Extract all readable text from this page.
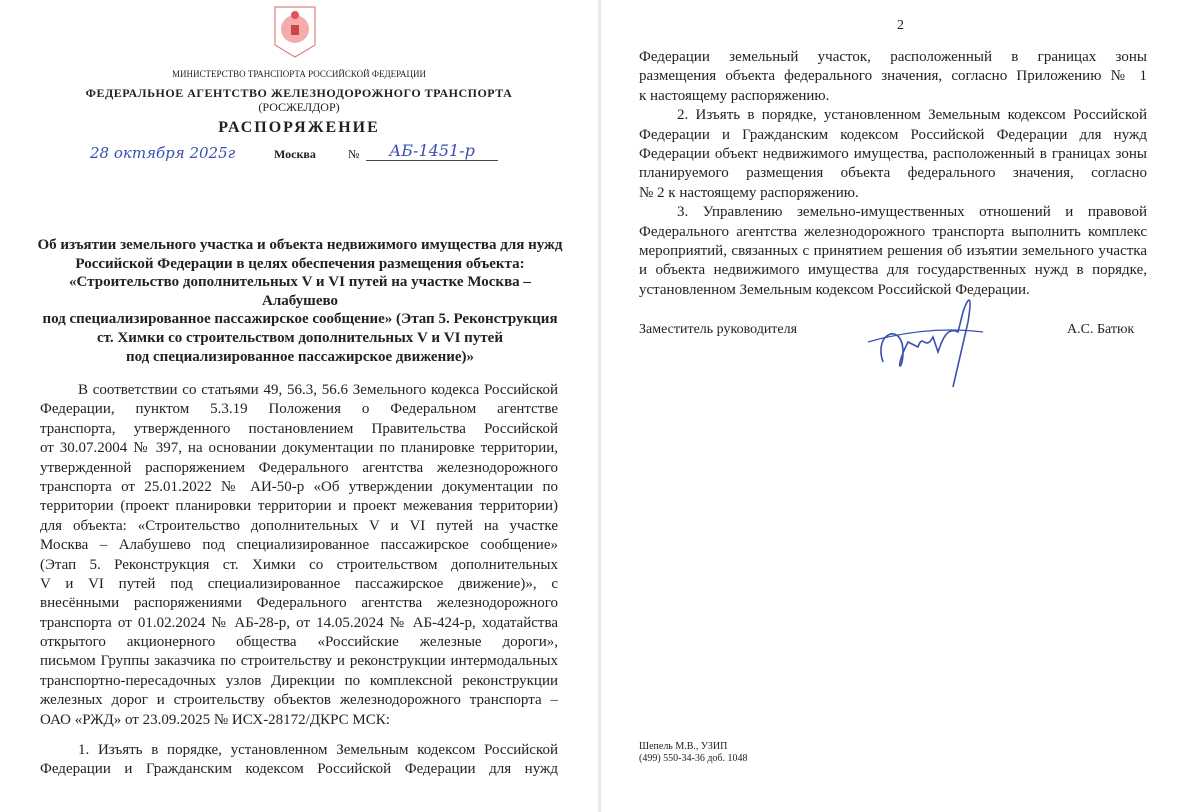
МИНИСТЕРСТВО ТРАНСПОРТА РОССИЙСКОЙ ФЕДЕРАЦИИ
ФЕДЕРАЛЬНОЕ АГЕНТСТВО ЖЕЛЕЗНОДОРОЖНОГО ТРАНСПОРТА
(РОСЖЕЛДОР)
РАСПОРЯЖЕНИЕ
28 октября 2025г	Москва	№	АБ-1451-р
Об изъятии земельного участка и объекта недвижимого имущества для нужд
Российской Федерации в целях обеспечения размещения объекта:
«Строительство дополнительных V и VI путей на участке Москва – Алабушево
под специализированное пассажирское сообщение» (Этап 5. Реконструкция
ст. Химки со строительством дополнительных V и VI путей
под специализированное пассажирское движение)»
В соответствии со статьями 49, 56.3, 56.6 Земельного кодекса Российской
Федерации, пунктом 5.3.19 Положения о Федеральном агентстве
транспорта, утвержденного постановлением Правительства Российской
от 30.07.2004 № 397, на основании документации по планировке территории,
утвержденной распоряжением Федерального агентства железнодорожного
транспорта от 25.01.2022 № АИ-50-р «Об утверждении документации по
территории (проект планировки территории и проект межевания территории)
для объекта: «Строительство дополнительных V и VI путей на участке
Москва – Алабушево под специализированное пассажирское сообщение»
(Этап 5. Реконструкция ст. Химки со строительством дополнительных
V и VI путей под специализированное пассажирское движение)», с
внесёнными распоряжениями Федерального агентства железнодорожного
транспорта от 01.02.2024 № АБ-28-р, от 14.05.2024 № АБ-424-р, ходатайства
открытого акционерного общества «Российские железные дороги»,
письмом Группы заказчика по строительству и реконструкции интермодальных
транспортно-пересадочных узлов Дирекции по комплексной реконструкции
железных дорог и строительству объектов железнодорожного транспорта –
ОАО «РЖД» от 23.09.2025 № ИСХ-28172/ДКРС МСК:
1. Изъять в порядке, установленном Земельным кодексом Российской
Федерации и Гражданским кодексом Российской Федерации для нужд
2
Федерации земельный участок, расположенный в границах зоны
размещения объекта федерального значения, согласно Приложению № 1
к настоящему распоряжению.
2. Изъять в порядке, установленном Земельным кодексом Российской
Федерации и Гражданским кодексом Российской Федерации для нужд
Федерации объект недвижимого имущества, расположенный в границах зоны
планируемого размещения объекта федерального значения, согласно
№ 2 к настоящему распоряжению.
3. Управлению земельно-имущественных отношений и правовой
Федерального агентства железнодорожного транспорта выполнить комплекс
мероприятий, связанных с принятием решения об изъятии земельного участка
и объекта недвижимого имущества для государственных нужд в порядке,
установленном Земельным кодексом Российской Федерации.
Заместитель руководителя	А.С. Батюк
Шепель М.В., УЗИП
(499) 550-34-36 доб. 1048
